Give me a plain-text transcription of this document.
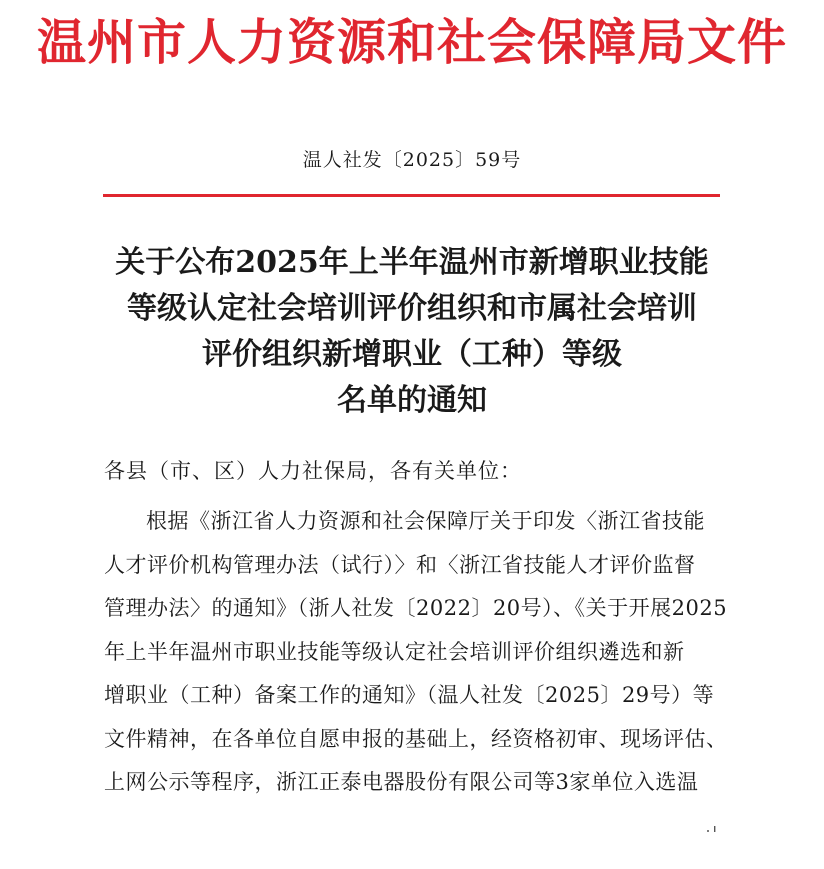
温州市人力资源和社会保障局文件
温人社发〔2025〕59号
关于公布2025年上半年温州市新增职业技能
等级认定社会培训评价组织和市属社会培训
评价组织新增职业（工种）等级
名单的通知
各县（市、区）人力社保局，各有关单位：
根据《浙江省人力资源和社会保障厅关于印发〈浙江省技能
人才评价机构管理办法（试行）〉和〈浙江省技能人才评价监督
管理办法〉的通知》（浙人社发〔2022〕20号）、《关于开展2025
年上半年温州市职业技能等级认定社会培训评价组织遴选和新
增职业（工种）备案工作的通知》（温人社发〔2025〕29号）等
文件精神，在各单位自愿申报的基础上，经资格初审、现场评估、
上网公示等程序，浙江正泰电器股份有限公司等3家单位入选温
